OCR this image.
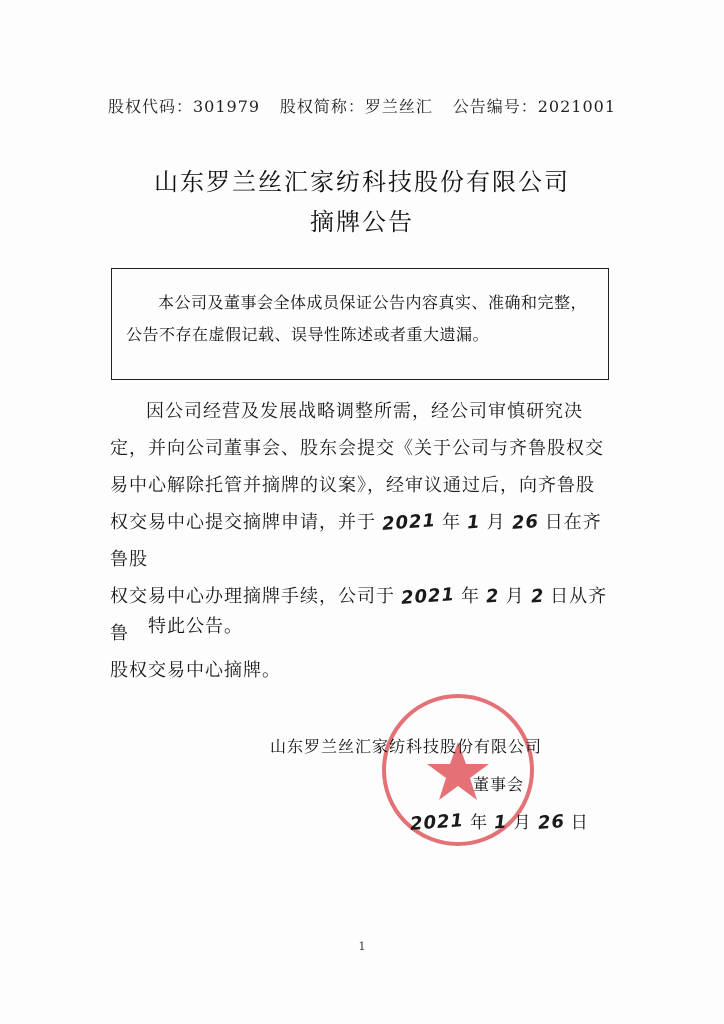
股权代码：301979 股权简称：罗兰丝汇 公告编号：2021001
山东罗兰丝汇家纺科技股份有限公司
摘牌公告
本公司及董事会全体成员保证公告内容真实、准确和完整，
公告不存在虚假记载、误导性陈述或者重大遗漏。

因公司经营及发展战略调整所需，经公司审慎研究决

定，并向公司董事会、股东会提交《关于公司与齐鲁股权交

易中心解除托管并摘牌的议案》，经审议通过后，向齐鲁股

权交易中心提交摘牌申请，并于 2021 年 1 月 26 日在齐鲁股

权交易中心办理摘牌手续，公司于 2021 年 2 月 2 日从齐鲁

股权交易中心摘牌。

特此公告。
山东罗兰丝汇家纺科技股份有限公司
董事会
2021 年 1 月 26 日
1
